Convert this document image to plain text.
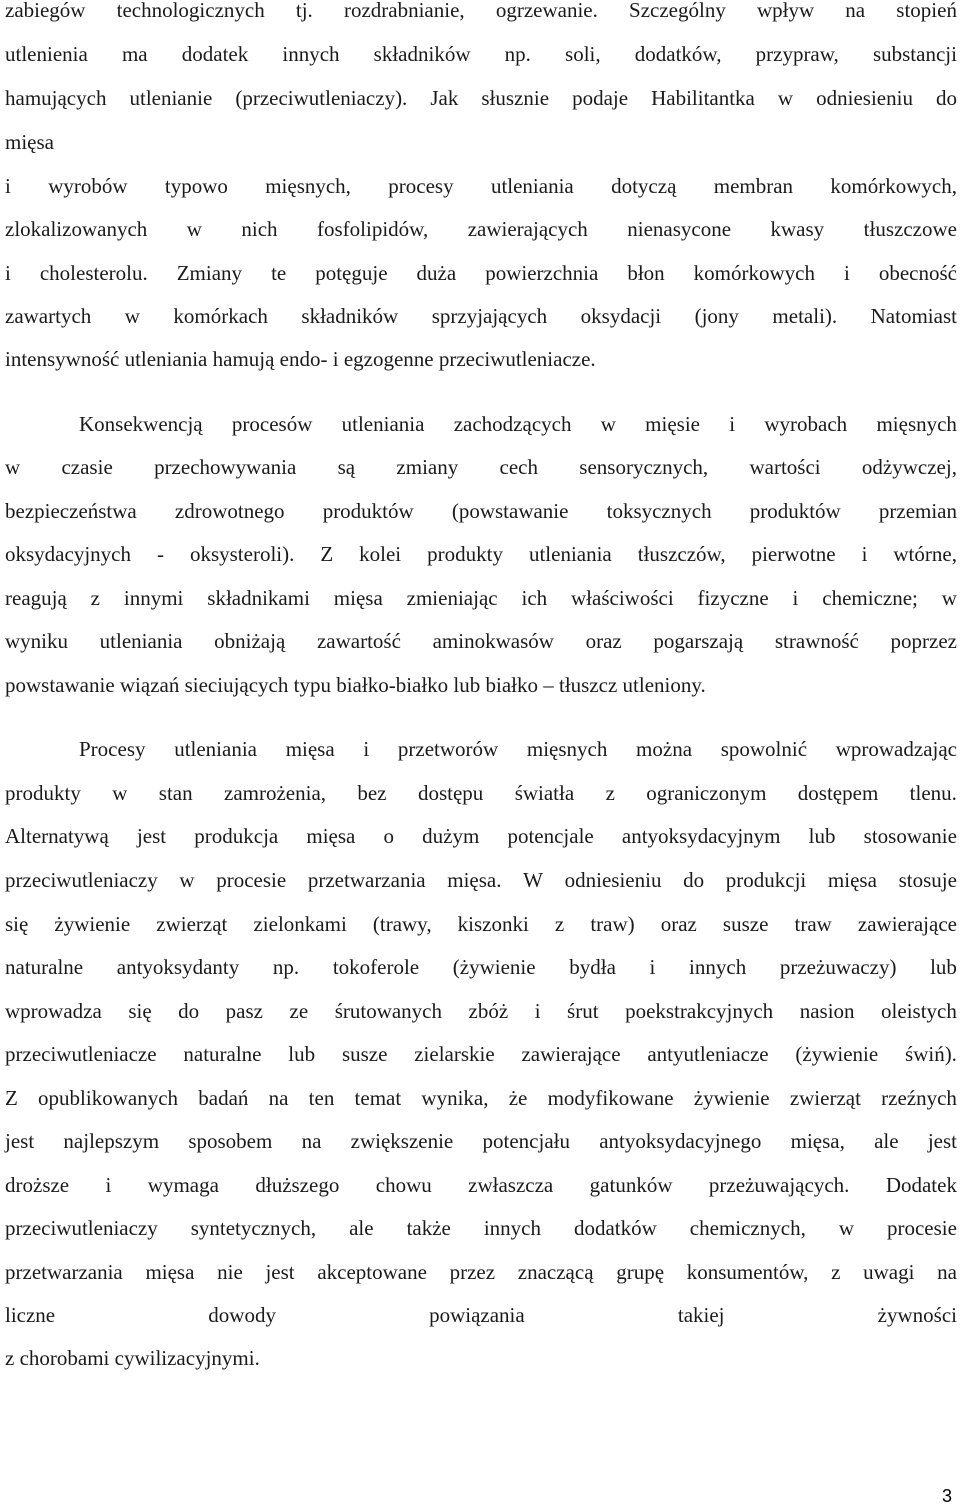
zabiegów technologicznych tj. rozdrabnianie, ogrzewanie. Szczególny wpływ na stopień
utlenienia ma dodatek innych składników np. soli, dodatków, przypraw, substancji
hamujących utlenianie (przeciwutleniaczy). Jak słusznie podaje Habilitantka w odniesieniu do
mięsa
i wyrobów typowo mięsnych, procesy utleniania dotyczą membran komórkowych,
zlokalizowanych w nich fosfolipidów, zawierających nienasycone kwasy tłuszczowe
i cholesterolu. Zmiany te potęguje duża powierzchnia błon komórkowych i obecność
zawartych w komórkach składników sprzyjających oksydacji (jony metali). Natomiast
intensywność utleniania hamują endo- i egzogenne przeciwutleniacze.
Konsekwencją procesów utleniania zachodzących w mięsie i wyrobach mięsnych
w czasie przechowywania są zmiany cech sensorycznych, wartości odżywczej,
bezpieczeństwa zdrowotnego produktów (powstawanie toksycznych produktów przemian
oksydacyjnych - oksysteroli). Z kolei produkty utleniania tłuszczów, pierwotne i wtórne,
reagują z innymi składnikami mięsa zmieniając ich właściwości fizyczne i chemiczne; w
wyniku utleniania obniżają zawartość aminokwasów oraz pogarszają strawność poprzez
powstawanie wiązań sieciujących typu białko-białko lub białko – tłuszcz utleniony.
Procesy utleniania mięsa i przetworów mięsnych można spowolnić wprowadzając
produkty w stan zamrożenia, bez dostępu światła z ograniczonym dostępem tlenu.
Alternatywą jest produkcja mięsa o dużym potencjale antyoksydacyjnym lub stosowanie
przeciwutleniaczy w procesie przetwarzania mięsa. W odniesieniu do produkcji mięsa stosuje
się żywienie zwierząt zielonkami (trawy, kiszonki z traw) oraz susze traw zawierające
naturalne antyoksydanty np. tokoferole (żywienie bydła i innych przeżuwaczy) lub
wprowadza się do pasz ze śrutowanych zbóż i śrut poekstrakcyjnych nasion oleistych
przeciwutleniacze naturalne lub susze zielarskie zawierające antyutleniacze (żywienie świń).
Z opublikowanych badań na ten temat wynika, że modyfikowane żywienie zwierząt rzeźnych
jest najlepszym sposobem na zwiększenie potencjału antyoksydacyjnego mięsa, ale jest
droższe i wymaga dłuższego chowu zwłaszcza gatunków przeżuwających. Dodatek
przeciwutleniaczy syntetycznych, ale także innych dodatków chemicznych, w procesie
przetwarzania mięsa nie jest akceptowane przez znaczącą grupę konsumentów, z uwagi na
liczne	dowody	powiązania	takiej	żywności
z chorobami cywilizacyjnymi.
3
